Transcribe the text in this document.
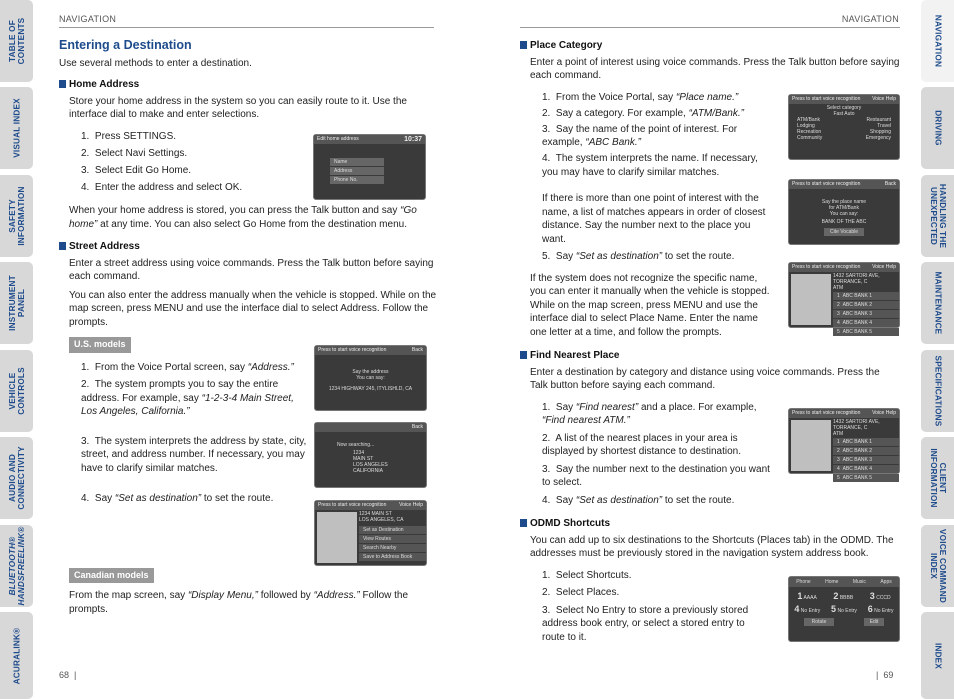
TABLE OF
CONTENTS
VISUAL INDEX
SAFETY
INFORMATION
INSTRUMENT
PANEL
VEHICLE
CONTROLS
AUDIO AND
CONNECTIVITY
BLUETOOTH®
HANDSFREELINK®
ACURALINK®
NAVIGATION
DRIVING
HANDLING THE
UNEXPECTED
MAINTENANCE
SPECIFICATIONS
CLIENT
INFORMATION
VOICE COMMAND
INDEX
INDEX
NAVIGATION	NAVIGATION
68  |	|  69
Entering a Destination

Use several methods to enter a destination.

Home Address

Store your home address in the system so you can easily route to it. Use the interface dial to make and enter selections.

1.  Press SETTINGS.
2.  Select Navi Settings.
3.  Select Edit Go Home.
4.  Enter the address and select OK.

When your home address is stored, you can press the Talk button and say “Go home” at any time. You can also select Go Home from the destination menu.

Street Address

Enter a street address using voice commands. Press the Talk button before saying each command.

You can also enter the address manually when the vehicle is stopped. While on the map screen, press MENU and use the interface dial to select Address. Follow the prompts.

U.S. models
1.  From the Voice Portal screen, say “Address.”
2.  The system prompts you to say the entire address. For example, say “1-2-3-4 Main Street, Los Angeles, California.”
3.  The system interprets the address by state, city, street, and address number. If necessary, you may have to clarify similar matches.
4.  Say “Set as destination” to set the route.
Canadian models

From the map screen, say “Display Menu,” followed by “Address.” Follow the prompts.

Edit home address	10:37
Name
Address
Phone No.
Press to start voice recognition	Back
Say the address
You can say:
1234 HIGHWAY 245, ITYLISHLD, CA
Back
Now searching...
1234
MAIN ST
LOS ANGELES
CALIFORNIA
Press to start voice recognition	Voice Help
1234 MAIN ST
LOS ANGELES, CA
Set as Destination
View Routes
Search Nearby
Save to Address Book
Place Category

Enter a point of interest using voice commands. Press the Talk button before saying each command.

1.  From the Voice Portal, say “Place name.”
2.  Say a category. For example, “ATM/Bank.”
3.  Say the name of the point of interest. For example, “ABC Bank.”
4.  The system interprets the name. If necessary, you may have to clarify similar matches.
If there is more than one point of interest with the name, a list of matches appears in order of closest distance. Say the number next to the place you want.
5.  Say “Set as destination” to set the route.

If the system does not recognize the specific name, you can enter it manually when the vehicle is stopped. While on the map screen, press MENU and use the interface dial to select Place Name. Enter the name one letter at a time, and follow the prompts.

Find Nearest Place

Enter a destination by category and distance using voice commands. Press the Talk button before saying each command.

1.  Say “Find nearest” and a place. For example, “Find nearest ATM.”
2.  A list of the nearest places in your area is displayed by shortest distance to destination.
3.  Say the number next to the destination you want to select.
4.  Say “Set as destination” to set the route.
ODMD Shortcuts

You can add up to six destinations to the Shortcuts (Places tab) in the ODMD. The addresses must be previously stored in the navigation system address book.

1.  Select Shortcuts.
2.  Select Places.
3.  Select No Entry to store a previously stored address book entry, or select a stored entry to route to it.
Press to start voice recognition Voice Help
Select category
Fast Auto
ATM/Bank	Restaurant
Lodging	Travel
Recreation	Shopping
Community	Emergency
Press to start voice recognition	Back
Say the place name
for ATM/Bank
You can say:
BANK OF THE ABC
Cite Vocable
Press to start voice recognition Voice Help
1432 SARTORI AVE, TORRANCE, C
ATM
1  ABC BANK 1
2  ABC BANK 2
3  ABC BANK 3
4  ABC BANK 4
5  ABC BANK 5
Press to start voice recognition Voice Help
1432 SARTORI AVE, TORRANCE, C
ATM
1  ABC BANK 1
2  ABC BANK 2
3  ABC BANK 3
4  ABC BANK 4
5  ABC BANK 5
Phone	Home	Music	Apps
1 AAAA 2 BBBB 3 CCCD
4 No Entry 5 No Entry 6 No Entry
Rotate	Edit
